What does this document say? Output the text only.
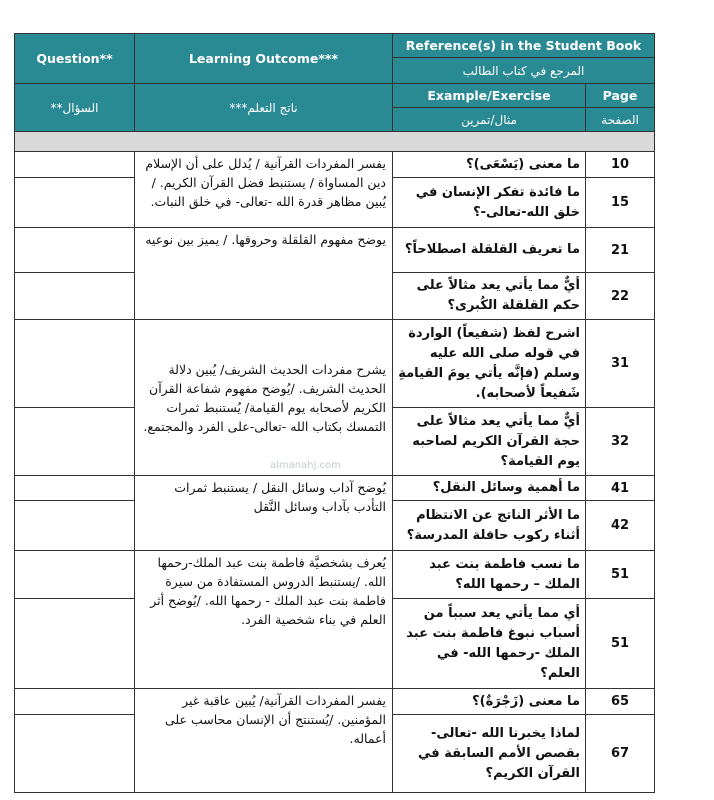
Question**	Learning Outcome***	Reference(s) in the Student Book	
		المرجع في كتاب الطالب	
السؤال**	ناتج التعلم***	Example/Exercise	Page
		مثال/تمرين	الصفحة

	يفسر المفردات القرآنية / يُدلل على أن الإسلام دين المساواة / يستنبط فضل القرآن الكريم. / يُبين مظاهر قدرة الله -تعالى- في خلق النبات.	ما معنى (يَسْعَى)؟	10
		ما فائدة تفكر الإنسان في خلق الله-تعالى-؟	15
	يوضح مفهوم القلقلة وحروفها. / يميز بين نوعيه	ما تعريف القلقلة اصطلاحاً؟	21
		أيٌّ مما يأتي يعد مثالاً على حكم القلقلة الكُبرى؟	22
	يشرح مفردات الحديث الشريف/ يُبين دلالة الحديث الشريف. /يُوضح مفهوم شفاعة القرآن الكريم لأصحابه يوم القيامة/ يُستنبط ثمرات التمسك بكتاب الله -تعالى-على الفرد والمجتمع.	اشرح لفظ (شفيعاً) الواردة في قوله صلى الله عليه وسلم (فإنَّه يأتي يومَ القيامةِ شَفيعاً لأصحابه).	31
		أيٌّ مما يأتي يعد مثالاً على حجة القرآن الكريم لصاحبه يوم القيامة؟	32
	يُوضح آداب وسائل النقل / يستنبط ثمرات التأدب بآداب وسائل النَّقل	ما أهمية وسائل النقل؟	41
		ما الأثر الناتج عن الانتظام أثناء ركوب حافلة المدرسة؟	42
	يُعرف بشخصيَّة فاطمة بنت عبد الملك-رحمها الله. /يستنبط الدروس المستفادة من سيرة فاطمة بنت عبد الملك - رحمها الله. /يُوضح أثر العلم في بناء شخصية الفرد.	ما نسب فاطمة بنت عبد الملك – رحمها الله؟	51
		أي مما يأتي يعد سبباً من أسباب نبوغ فاطمة بنت عبد الملك -رحمها الله- في العلم؟	51
	يفسر المفردات القرآنية/ يُبين عاقبة غير المؤمنين. /يُستنتج أن الإنسان محاسب على أعماله.	ما معنى (زَجْرَةٌ)؟	65
		لماذا يخبرنا الله -تعالى- بقصص الأمم السابقة في القرآن الكريم؟	67
almanahj.com
